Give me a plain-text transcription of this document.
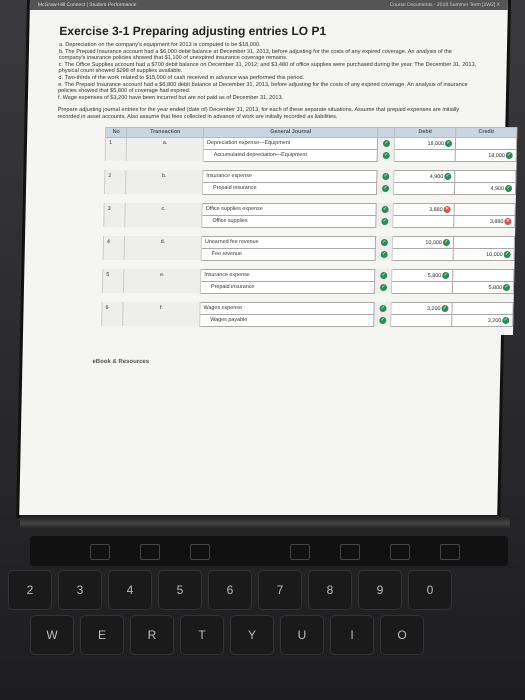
McGraw-Hill Connect | Student Performance	Course Documents - 2018 Summer Term [1W2] X
Exercise 3-1 Preparing adjusting entries LO P1

a. Depreciation on the company's equipment for 2013 is computed to be $18,000.

b. The Prepaid Insurance account had a $6,000 debit balance at December 31, 2013, before adjusting for the costs of any expired coverage. An analysis of the company's insurance policies showed that $1,100 of unexpired insurance coverage remains.

c. The Office Supplies account had a $700 debit balance on December 31, 2012; and $3,480 of office supplies were purchased during the year. The December 31, 2013, physical count showed $298 of supplies available.

d. Two-thirds of the work related to $15,000 of cash received in advance was performed this period.

e. The Prepaid Insurance account had a $6,800 debit balance at December 31, 2013, before adjusting for the costs of any expired coverage. An analysis of insurance policies showed that $5,800 of coverage had expired.

f. Wage expenses of $3,200 have been incurred but are not paid as of December 31, 2013.

Prepare adjusting journal entries for the year ended (date of) December 31, 2013, for each of these separate situations. Assume that prepaid expenses are initially recorded in asset accounts. Also assume that fees collected in advance of work are initially recorded as liabilities.
No	Transaction	General Journal		Debit	Credit
1	a.	Depreciation expense—Equipment	✓	18,000 ✓	
		Accumulated depreciation—Equipment	✓		18,000 ✓

2	b.	Insurance expense	✓	4,900 ✓	
		Prepaid insurance	✓		4,900 ✓

3	c.	Office supplies expense	✓	3,880 ✕	
		Office supplies	✓		3,880 ✕

4	d.	Unearned fee revenue	✓	10,000 ✓	
		Fee revenue	✓		10,000 ✓

5	e.	Insurance expense	✓	5,800 ✓	
		Prepaid insurance	✓		5,800 ✓

6	f.	Wages expense	✓	3,200 ✓	
		Wages payable	✓		3,200 ✓

eBook & Resources
2	3	4	5	6	7	8	9	0
W	E	R	T	Y	U	I	O
